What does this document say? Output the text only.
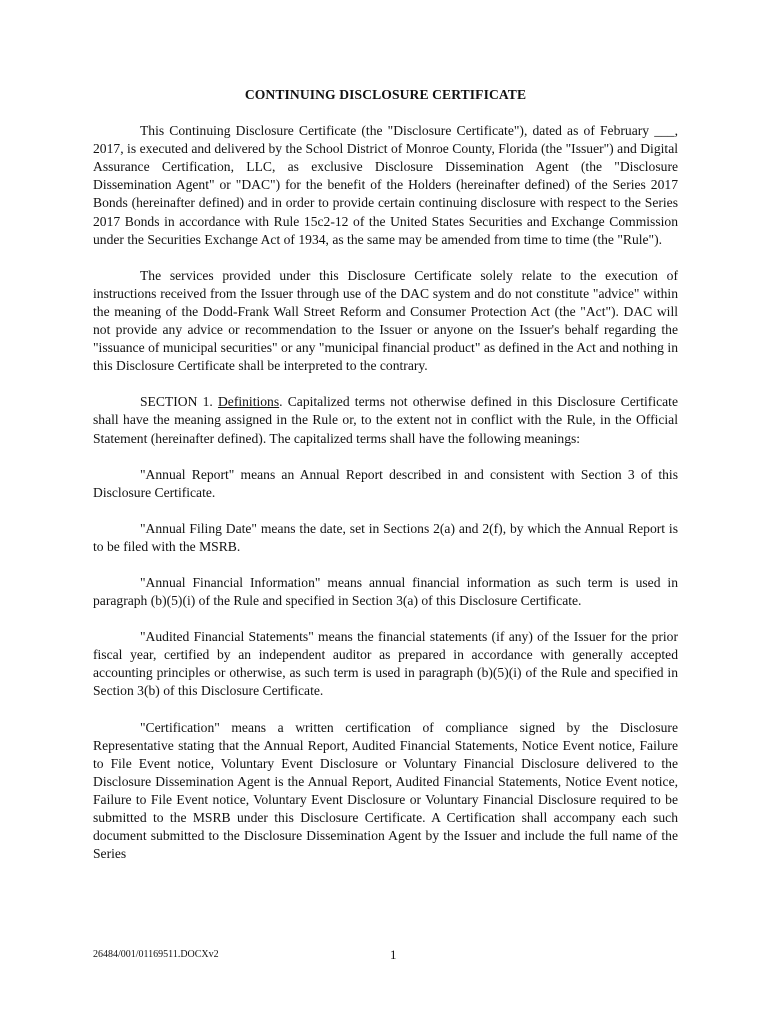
CONTINUING DISCLOSURE CERTIFICATE

This Continuing Disclosure Certificate (the "Disclosure Certificate"), dated as of February ___, 2017, is executed and delivered by the School District of Monroe County, Florida (the "Issuer") and Digital Assurance Certification, LLC, as exclusive Disclosure Dissemination Agent (the "Disclosure Dissemination Agent" or "DAC") for the benefit of the Holders (hereinafter defined) of the Series 2017 Bonds (hereinafter defined) and in order to provide certain continuing disclosure with respect to the Series 2017 Bonds in accordance with Rule 15c2-12 of the United States Securities and Exchange Commission under the Securities Exchange Act of 1934, as the same may be amended from time to time (the "Rule").

The services provided under this Disclosure Certificate solely relate to the execution of instructions received from the Issuer through use of the DAC system and do not constitute "advice" within the meaning of the Dodd-Frank Wall Street Reform and Consumer Protection Act (the "Act"). DAC will not provide any advice or recommendation to the Issuer or anyone on the Issuer's behalf regarding the "issuance of municipal securities" or any "municipal financial product" as defined in the Act and nothing in this Disclosure Certificate shall be interpreted to the contrary.

SECTION 1. Definitions. Capitalized terms not otherwise defined in this Disclosure Certificate shall have the meaning assigned in the Rule or, to the extent not in conflict with the Rule, in the Official Statement (hereinafter defined). The capitalized terms shall have the following meanings:

"Annual Report" means an Annual Report described in and consistent with Section 3 of this Disclosure Certificate.

"Annual Filing Date" means the date, set in Sections 2(a) and 2(f), by which the Annual Report is to be filed with the MSRB.

"Annual Financial Information" means annual financial information as such term is used in paragraph (b)(5)(i) of the Rule and specified in Section 3(a) of this Disclosure Certificate.

"Audited Financial Statements" means the financial statements (if any) of the Issuer for the prior fiscal year, certified by an independent auditor as prepared in accordance with generally accepted accounting principles or otherwise, as such term is used in paragraph (b)(5)(i) of the Rule and specified in Section 3(b) of this Disclosure Certificate.

"Certification" means a written certification of compliance signed by the Disclosure Representative stating that the Annual Report, Audited Financial Statements, Notice Event notice, Failure to File Event notice, Voluntary Event Disclosure or Voluntary Financial Disclosure delivered to the Disclosure Dissemination Agent is the Annual Report, Audited Financial Statements, Notice Event notice, Failure to File Event notice, Voluntary Event Disclosure or Voluntary Financial Disclosure required to be submitted to the MSRB under this Disclosure Certificate. A Certification shall accompany each such document submitted to the Disclosure Dissemination Agent by the Issuer and include the full name of the Series

26484/001/01169511.DOCXv2	1
